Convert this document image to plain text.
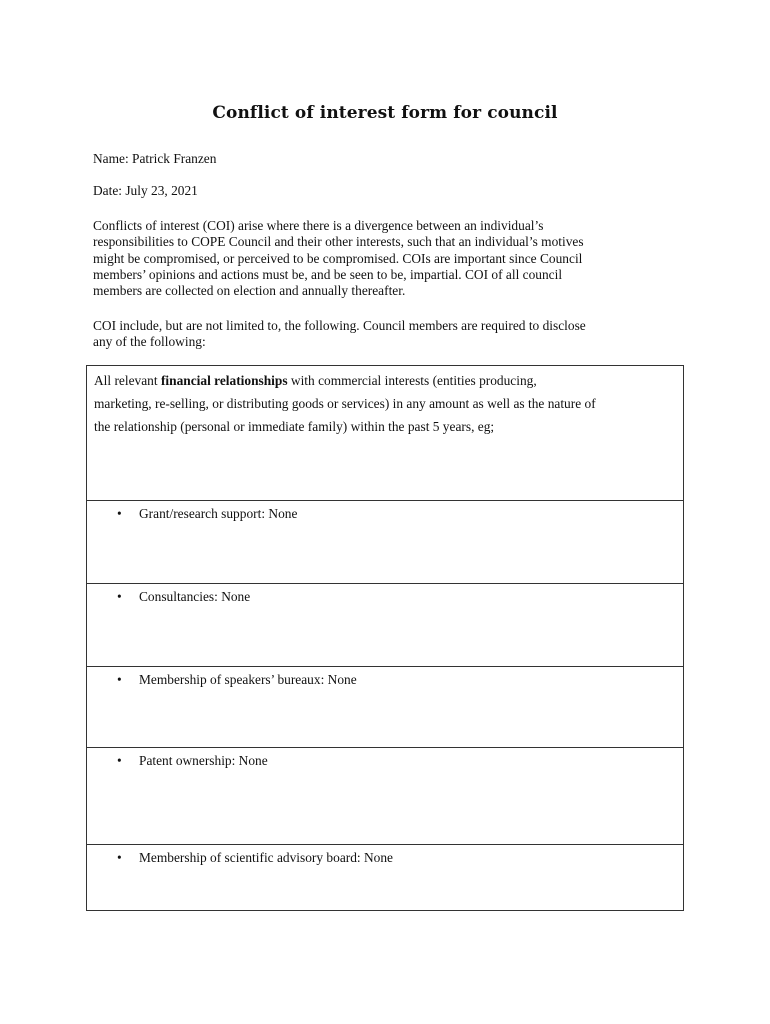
Conflict of interest form for council
Name: Patrick Franzen
Date: July 23, 2021
Conflicts of interest (COI) arise where there is a divergence between an individual’s
responsibilities to COPE Council and their other interests, such that an individual’s motives
might be compromised, or perceived to be compromised. COIs are important since Council
members’ opinions and actions must be, and be seen to be, impartial. COI of all council
members are collected on election and annually thereafter.
COI include, but are not limited to, the following. Council members are required to disclose
any of the following:
All relevant financial relationships with commercial interests (entities producing,
marketing, re-selling, or distributing goods or services) in any amount as well as the nature of
the relationship (personal or immediate family) within the past 5 years, eg;
• Grant/research support: None
• Consultancies: None
• Membership of speakers’ bureaux: None
• Patent ownership: None
• Membership of scientific advisory board: None
